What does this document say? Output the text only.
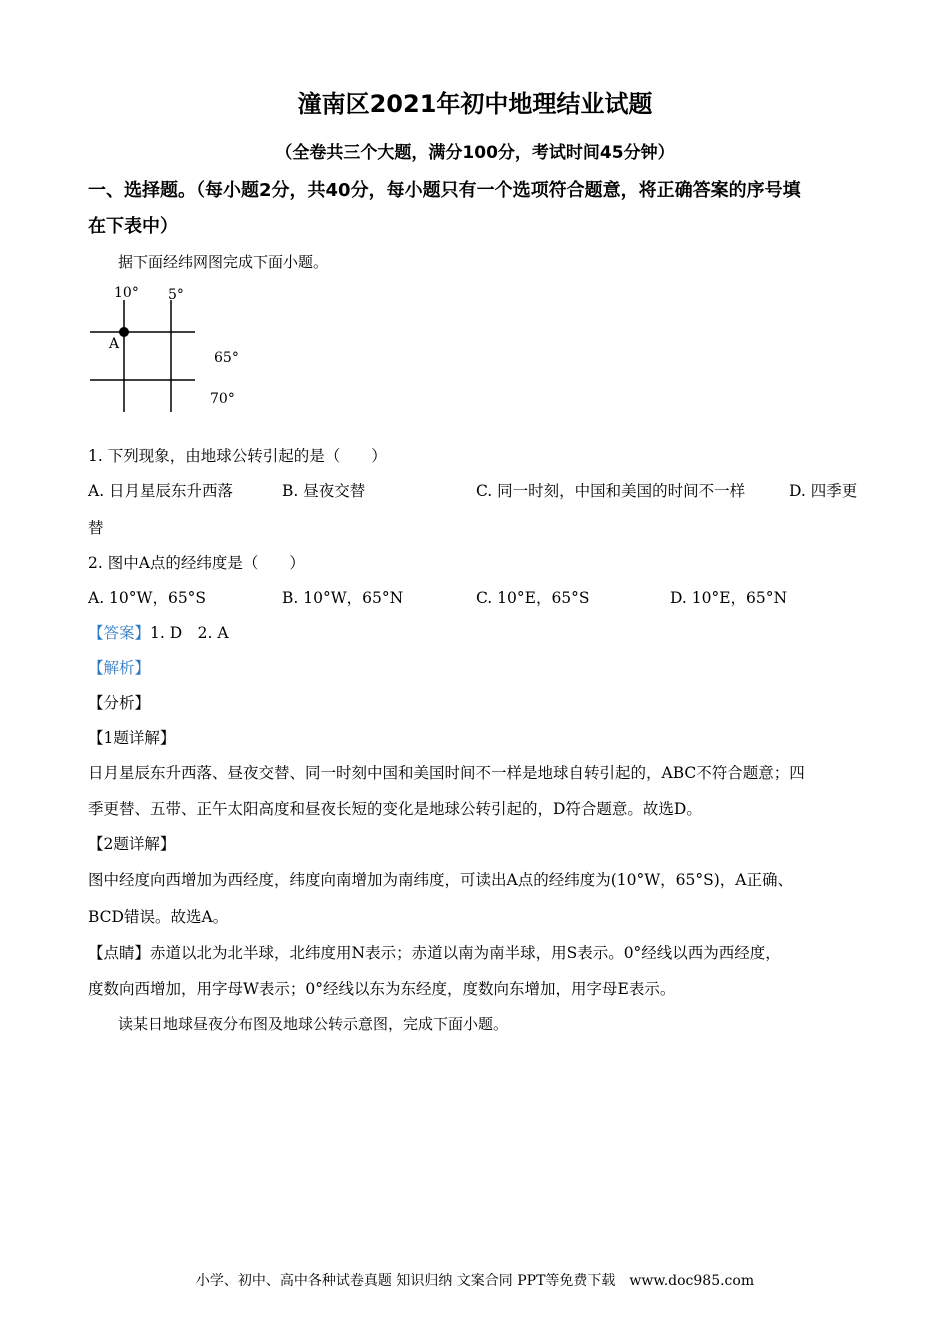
潼南区2021年初中地理结业试题
（全卷共三个大题，满分100分，考试时间45分钟）
一、选择题。（每小题2分，共40分，每小题只有一个选项符合题意，将正确答案的序号填
在下表中）
据下面经纬网图完成下面小题。
10° 5°
A
65°
70°
1. 下列现象，由地球公转引起的是（　　）
A. 日月星辰东升西落	B. 昼夜交替	C. 同一时刻，中国和美国的时间不一样	D. 四季更
替
2. 图中A点的经纬度是（　　）
A. 10°W，65°S	B. 10°W，65°N	C. 10°E，65°S	D. 10°E，65°N
【答案】1. D　2. A
【解析】
【分析】
【1题详解】
日月星辰东升西落、昼夜交替、同一时刻中国和美国时间不一样是地球自转引起的，ABC不符合题意；四
季更替、五带、正午太阳高度和昼夜长短的变化是地球公转引起的，D符合题意。故选D。
【2题详解】
图中经度向西增加为西经度，纬度向南增加为南纬度，可读出A点的经纬度为(10°W，65°S)，A正确、
BCD错误。故选A。
【点睛】赤道以北为北半球，北纬度用N表示；赤道以南为南半球，用S表示。0°经线以西为西经度，
度数向西增加，用字母W表示；0°经线以东为东经度，度数向东增加，用字母E表示。
读某日地球昼夜分布图及地球公转示意图，完成下面小题。
小学、初中、高中各种试卷真题 知识归纳 文案合同 PPT等免费下载　www.doc985.com
